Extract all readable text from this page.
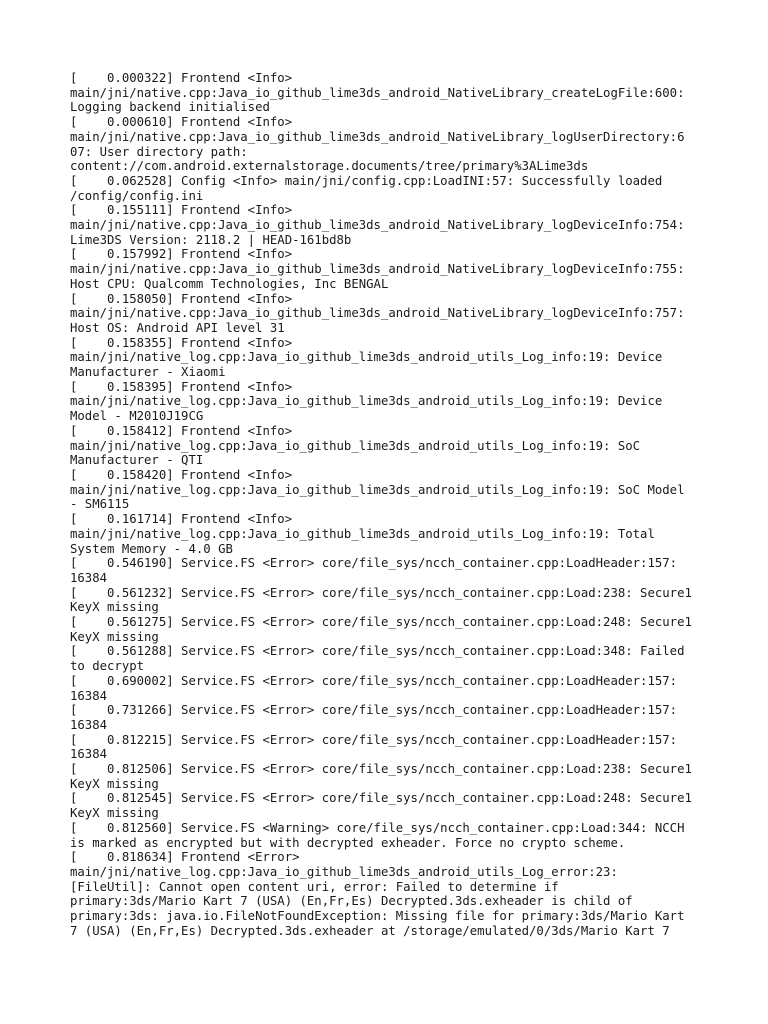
[    0.000322] Frontend <Info>
main/jni/native.cpp:Java_io_github_lime3ds_android_NativeLibrary_createLogFile:600:
Logging backend initialised
[    0.000610] Frontend <Info>
main/jni/native.cpp:Java_io_github_lime3ds_android_NativeLibrary_logUserDirectory:6
07: User directory path:
content://com.android.externalstorage.documents/tree/primary%3ALime3ds
[    0.062528] Config <Info> main/jni/config.cpp:LoadINI:57: Successfully loaded
/config/config.ini
[    0.155111] Frontend <Info>
main/jni/native.cpp:Java_io_github_lime3ds_android_NativeLibrary_logDeviceInfo:754:
Lime3DS Version: 2118.2 | HEAD-161bd8b
[    0.157992] Frontend <Info>
main/jni/native.cpp:Java_io_github_lime3ds_android_NativeLibrary_logDeviceInfo:755:
Host CPU: Qualcomm Technologies, Inc BENGAL
[    0.158050] Frontend <Info>
main/jni/native.cpp:Java_io_github_lime3ds_android_NativeLibrary_logDeviceInfo:757:
Host OS: Android API level 31
[    0.158355] Frontend <Info>
main/jni/native_log.cpp:Java_io_github_lime3ds_android_utils_Log_info:19: Device
Manufacturer - Xiaomi
[    0.158395] Frontend <Info>
main/jni/native_log.cpp:Java_io_github_lime3ds_android_utils_Log_info:19: Device
Model - M2010J19CG
[    0.158412] Frontend <Info>
main/jni/native_log.cpp:Java_io_github_lime3ds_android_utils_Log_info:19: SoC
Manufacturer - QTI
[    0.158420] Frontend <Info>
main/jni/native_log.cpp:Java_io_github_lime3ds_android_utils_Log_info:19: SoC Model
- SM6115
[    0.161714] Frontend <Info>
main/jni/native_log.cpp:Java_io_github_lime3ds_android_utils_Log_info:19: Total
System Memory - 4.0 GB
[    0.546190] Service.FS <Error> core/file_sys/ncch_container.cpp:LoadHeader:157:
16384
[    0.561232] Service.FS <Error> core/file_sys/ncch_container.cpp:Load:238: Secure1
KeyX missing
[    0.561275] Service.FS <Error> core/file_sys/ncch_container.cpp:Load:248: Secure1
KeyX missing
[    0.561288] Service.FS <Error> core/file_sys/ncch_container.cpp:Load:348: Failed
to decrypt
[    0.690002] Service.FS <Error> core/file_sys/ncch_container.cpp:LoadHeader:157:
16384
[    0.731266] Service.FS <Error> core/file_sys/ncch_container.cpp:LoadHeader:157:
16384
[    0.812215] Service.FS <Error> core/file_sys/ncch_container.cpp:LoadHeader:157:
16384
[    0.812506] Service.FS <Error> core/file_sys/ncch_container.cpp:Load:238: Secure1
KeyX missing
[    0.812545] Service.FS <Error> core/file_sys/ncch_container.cpp:Load:248: Secure1
KeyX missing
[    0.812560] Service.FS <Warning> core/file_sys/ncch_container.cpp:Load:344: NCCH
is marked as encrypted but with decrypted exheader. Force no crypto scheme.
[    0.818634] Frontend <Error>
main/jni/native_log.cpp:Java_io_github_lime3ds_android_utils_Log_error:23:
[FileUtil]: Cannot open content uri, error: Failed to determine if
primary:3ds/Mario Kart 7 (USA) (En,Fr,Es) Decrypted.3ds.exheader is child of
primary:3ds: java.io.FileNotFoundException: Missing file for primary:3ds/Mario Kart
7 (USA) (En,Fr,Es) Decrypted.3ds.exheader at /storage/emulated/0/3ds/Mario Kart 7
